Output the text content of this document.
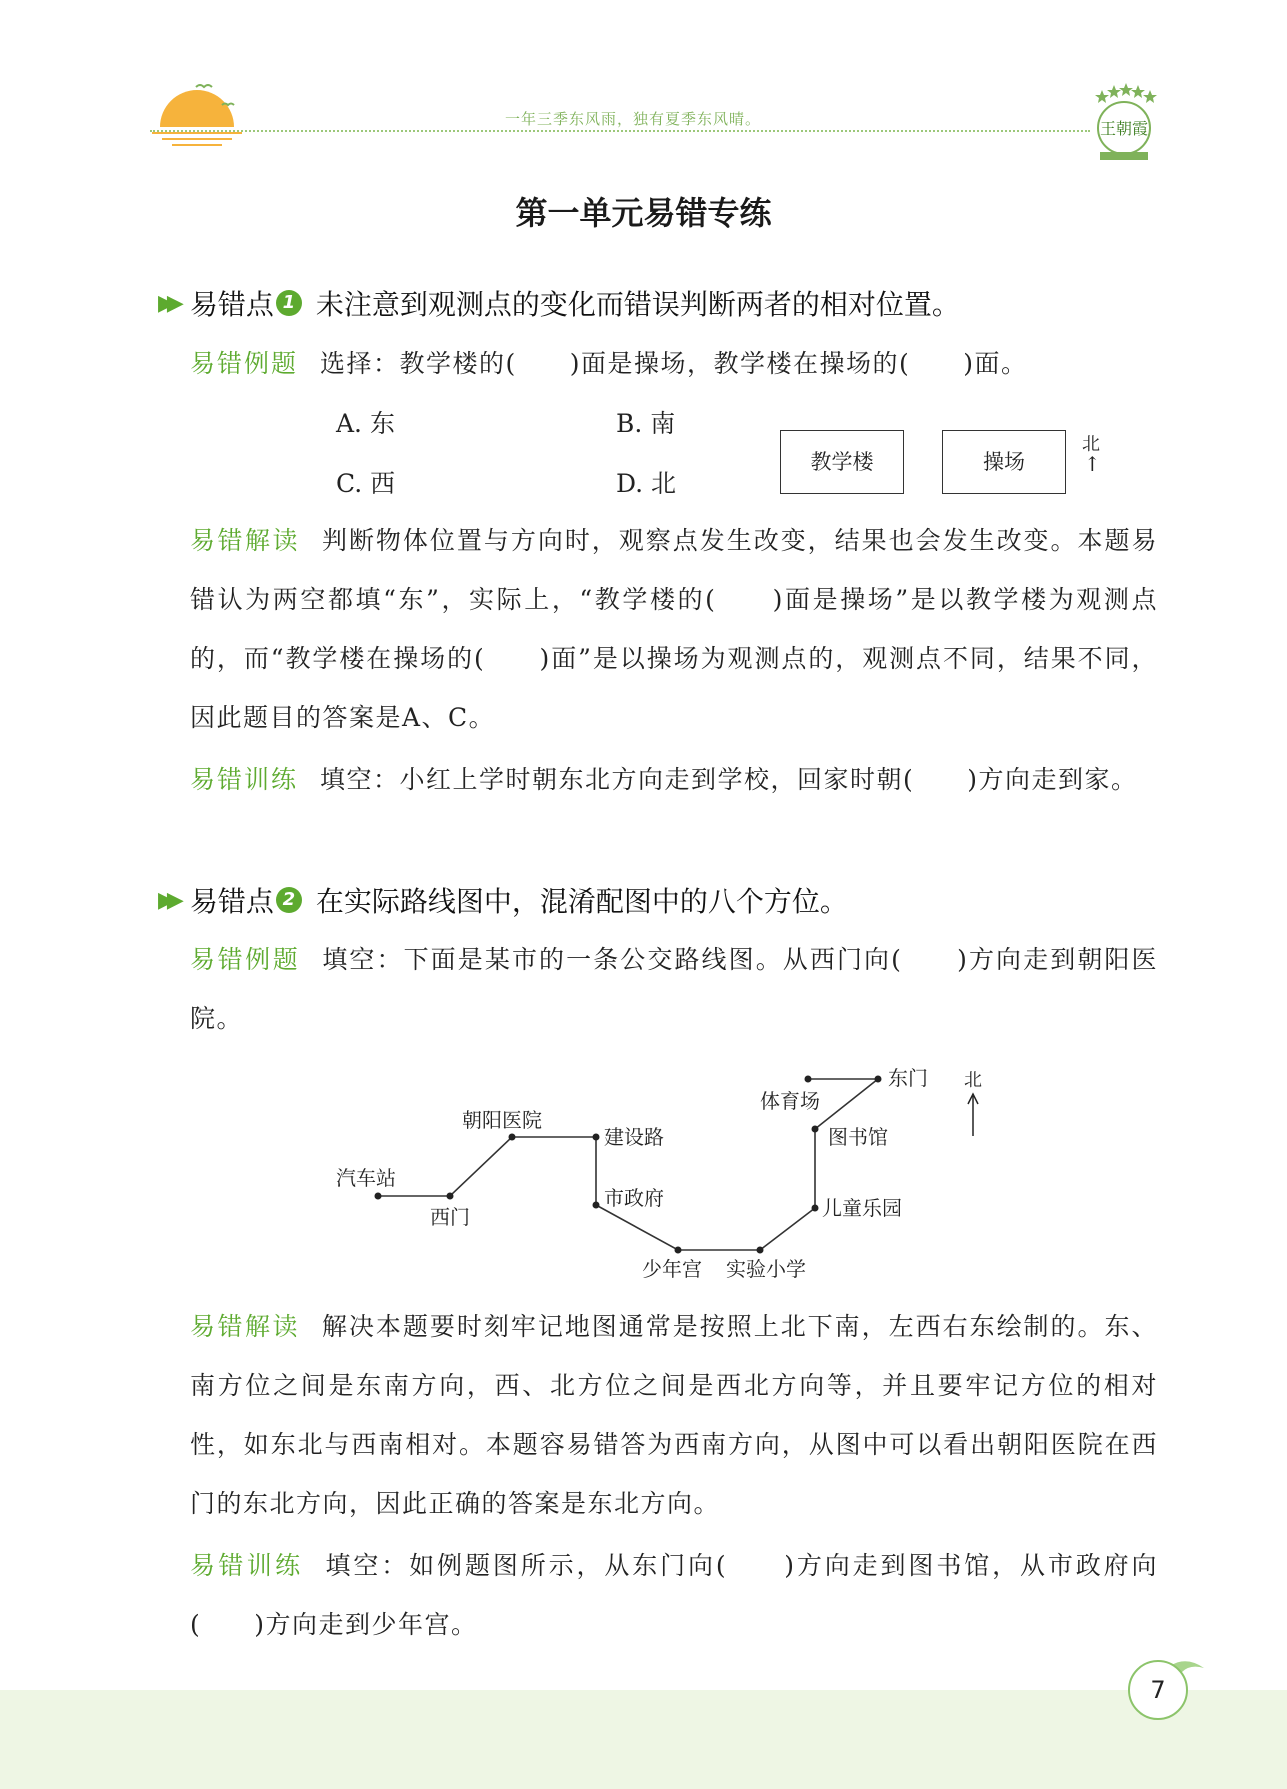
一年三季东风雨，独有夏季东风晴。	王朝霞
第一单元易错专练
▶▶ 易错点 1 未注意到观测点的变化而错误判断两者的相对位置。
易错例题 选择：教学楼的(　　)面是操场，教学楼在操场的(　　)面。
A. 东	B. 南
C. 西	D. 北
教学楼	操场
北
↑
易错解读 判断物体位置与方向时，观察点发生改变，结果也会发生改变。本题易错认为两空都填“东”，实际上，“教学楼的(　　)面是操场”是以教学楼为观测点的，而“教学楼在操场的(　　)面”是以操场为观测点的，观测点不同，结果不同，因此题目的答案是A、C。
易错训练 填空：小红上学时朝东北方向走到学校，回家时朝(　　)方向走到家。
▶▶ 易错点 2 在实际路线图中，混淆配图中的八个方位。
易错例题 填空：下面是某市的一条公交路线图。从西门向(　　)方向走到朝阳医院。
汽车站
西门
朝阳医院
建设路
市政府
少年宫 实验小学
儿童乐园
图书馆
体育场
东门 北
易错解读 解决本题要时刻牢记地图通常是按照上北下南，左西右东绘制的。东、南方位之间是东南方向，西、北方位之间是西北方向等，并且要牢记方位的相对性，如东北与西南相对。本题容易错答为西南方向，从图中可以看出朝阳医院在西门的东北方向，因此正确的答案是东北方向。
易错训练 填空：如例题图所示，从东门向(　　)方向走到图书馆，从市政府向(　　)方向走到少年宫。
7
